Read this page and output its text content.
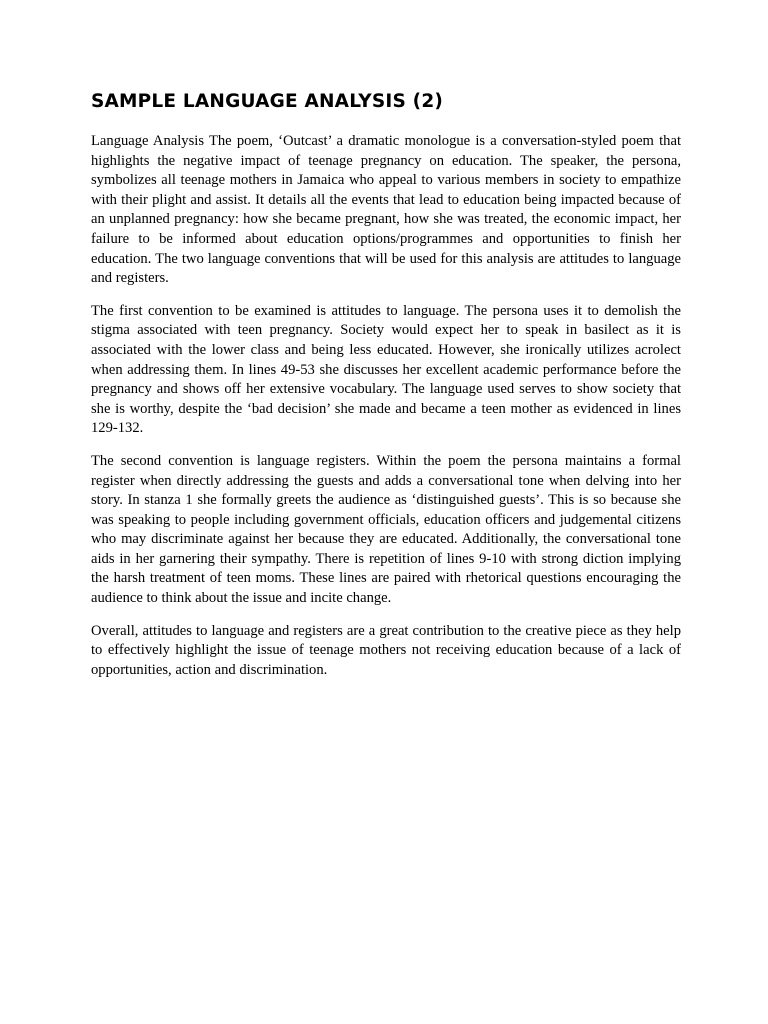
SAMPLE LANGUAGE ANALYSIS (2)

Language Analysis The poem, ‘Outcast’ a dramatic monologue is a conversation-styled poem that highlights the negative impact of teenage pregnancy on education. The speaker, the persona, symbolizes all teenage mothers in Jamaica who appeal to various members in society to empathize with their plight and assist. It details all the events that lead to education being impacted because of an unplanned pregnancy: how she became pregnant, how she was treated, the economic impact, her failure to be informed about education options/programmes and opportunities to finish her education. The two language conventions that will be used for this analysis are attitudes to language and registers.

The first convention to be examined is attitudes to language. The persona uses it to demolish the stigma associated with teen pregnancy. Society would expect her to speak in basilect as it is associated with the lower class and being less educated. However, she ironically utilizes acrolect when addressing them. In lines 49-53 she discusses her excellent academic performance before the pregnancy and shows off her extensive vocabulary. The language used serves to show society that she is worthy, despite the ‘bad decision’ she made and became a teen mother as evidenced in lines 129-132.

The second convention is language registers. Within the poem the persona maintains a formal register when directly addressing the guests and adds a conversational tone when delving into her story. In stanza 1 she formally greets the audience as ‘distinguished guests’. This is so because she was speaking to people including government officials, education officers and judgemental citizens who may discriminate against her because they are educated. Additionally, the conversational tone aids in her garnering their sympathy. There is repetition of lines 9-10 with strong diction implying the harsh treatment of teen moms. These lines are paired with rhetorical questions encouraging the audience to think about the issue and incite change.

Overall, attitudes to language and registers are a great contribution to the creative piece as they help to effectively highlight the issue of teenage mothers not receiving education because of a lack of opportunities, action and discrimination.
